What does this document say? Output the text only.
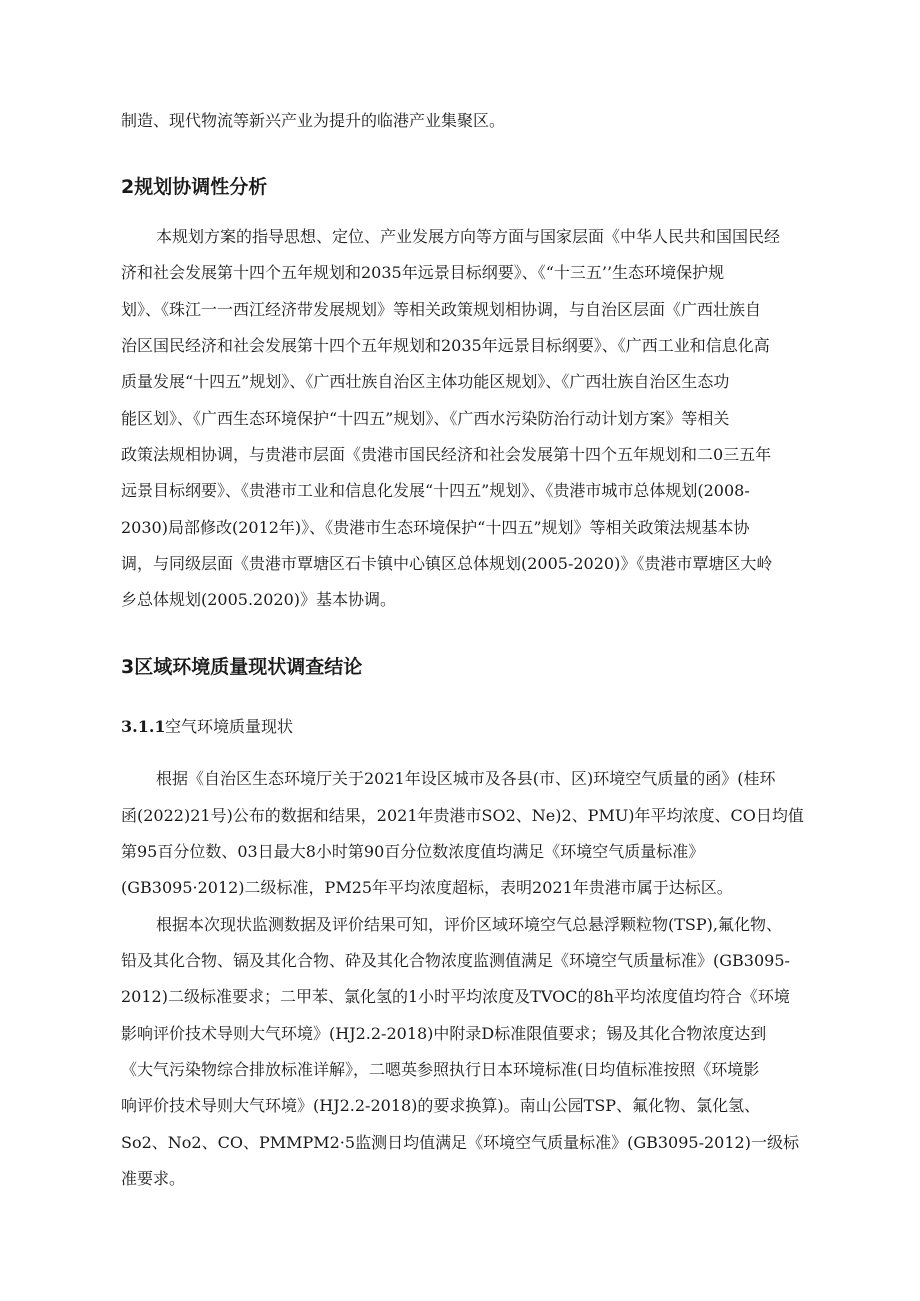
制造、现代物流等新兴产业为提升的临港产业集聚区。
2规划协调性分析
本规划方案的指导思想、定位、产业发展方向等方面与国家层面《中华人民共和国国民经
济和社会发展第十四个五年规划和2035年远景目标纲要》、《“十三五’’生态环境保护规
划》、《珠江一一西江经济带发展规划》等相关政策规划相协调，与自治区层面《广西壮族自
治区国民经济和社会发展第十四个五年规划和2035年远景目标纲要》、《广西工业和信息化高
质量发展“十四五”规划》、《广西壮族自治区主体功能区规划》、《广西壮族自治区生态功
能区划》、《广西生态环境保护“十四五”规划》、《广西水污染防治行动计划方案》等相关
政策法规相协调，与贵港市层面《贵港市国民经济和社会发展第十四个五年规划和二0三五年
远景目标纲要》、《贵港市工业和信息化发展“十四五”规划》、《贵港市城市总体规划(2008-
2030)局部修改(2012年)》、《贵港市生态环境保护“十四五”规划》等相关政策法规基本协
调，与同级层面《贵港市覃塘区石卡镇中心镇区总体规划(2005-2020)》《贵港市覃塘区大岭
乡总体规划(2005.2020)》基本协调。
3区域环境质量现状调查结论
3.1.1空气环境质量现状
根据《自治区生态环境厅关于2021年设区城市及各县(市、区)环境空气质量的函》(桂环
函(2022)21号)公布的数据和结果，2021年贵港市SO2、Ne)2、PMU)年平均浓度、CO日均值
第95百分位数、03日最大8小时第90百分位数浓度值均满足《环境空气质量标准》
(GB3095·2012)二级标准，PM25年平均浓度超标，表明2021年贵港市属于达标区。
根据本次现状监测数据及评价结果可知，评价区域环境空气总悬浮颗粒物(TSP),氟化物、
铅及其化合物、镉及其化合物、砕及其化合物浓度监测值满足《环境空气质量标准》(GB3095-
2012)二级标准要求；二甲苯、氯化氢的1小时平均浓度及TVOC的8h平均浓度值均符合《环境
影响评价技术导则大气环境》(HJ2.2-2018)中附录D标准限值要求；锡及其化合物浓度达到
《大气污染物综合排放标准详解》，二嗯英参照执行日本环境标准(日均值标准按照《环境影
响评价技术导则大气环境》(HJ2.2-2018)的要求换算)。南山公园TSP、氟化物、氯化氢、
So2、No2、CO、PMMPM2·5监测日均值满足《环境空气质量标准》(GB3095-2012)一级标
准要求。
